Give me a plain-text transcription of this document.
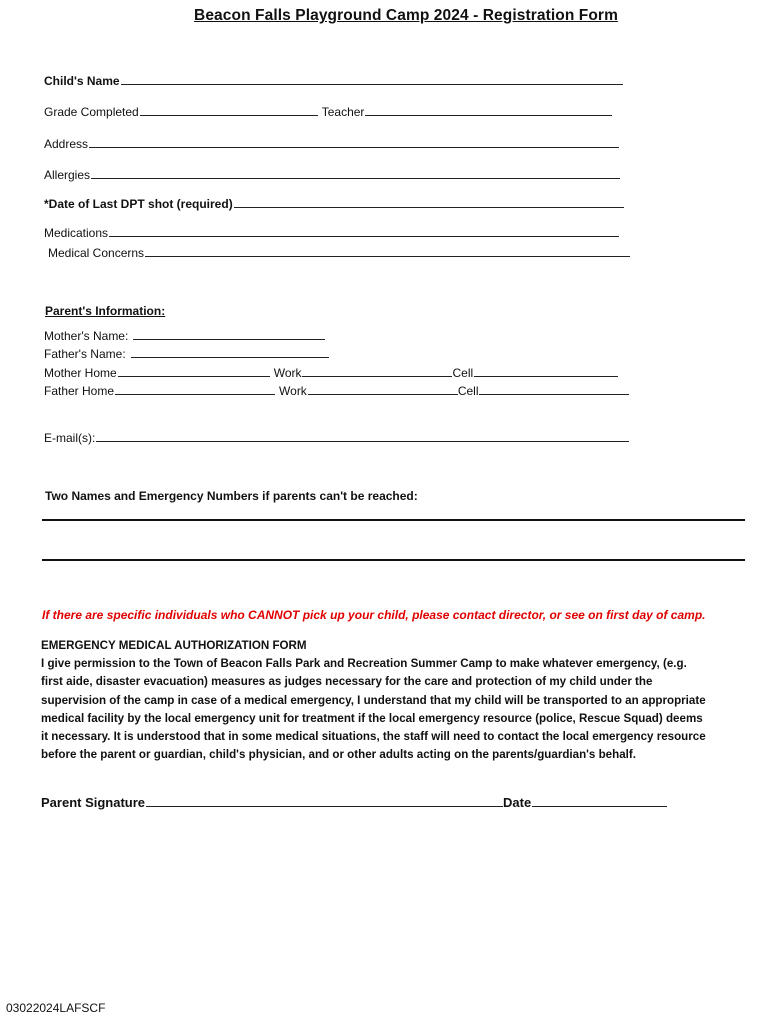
Beacon Falls Playground Camp 2024 - Registration Form
Child's Name
Grade Completed	Teacher
Address
Allergies
*Date of Last DPT shot (required)
Medications
Medical Concerns
Parent's Information:
Mother's Name:
Father's Name:
Mother Home	Work	Cell
Father Home	Work	Cell
E-mail(s):
Two Names and Emergency Numbers if parents can't be reached:
If there are specific individuals who CANNOT pick up your child, please contact director, or see on first day of camp.

EMERGENCY MEDICAL AUTHORIZATION FORM

I give permission to the Town of Beacon Falls Park and Recreation Summer Camp to make whatever emergency, (e.g.

first aide, disaster evacuation) measures as judges necessary for the care and protection of my child under the

supervision of the camp in case of a medical emergency, I understand that my child will be transported to an appropriate

medical facility by the local emergency unit for treatment if the local emergency resource (police, Rescue Squad) deems

it necessary. It is understood that in some medical situations, the staff will need to contact the local emergency resource

before the parent or guardian, child's physician, and or other adults acting on the parents/guardian's behalf.

Parent Signature	Date
03022024LAFSCF
